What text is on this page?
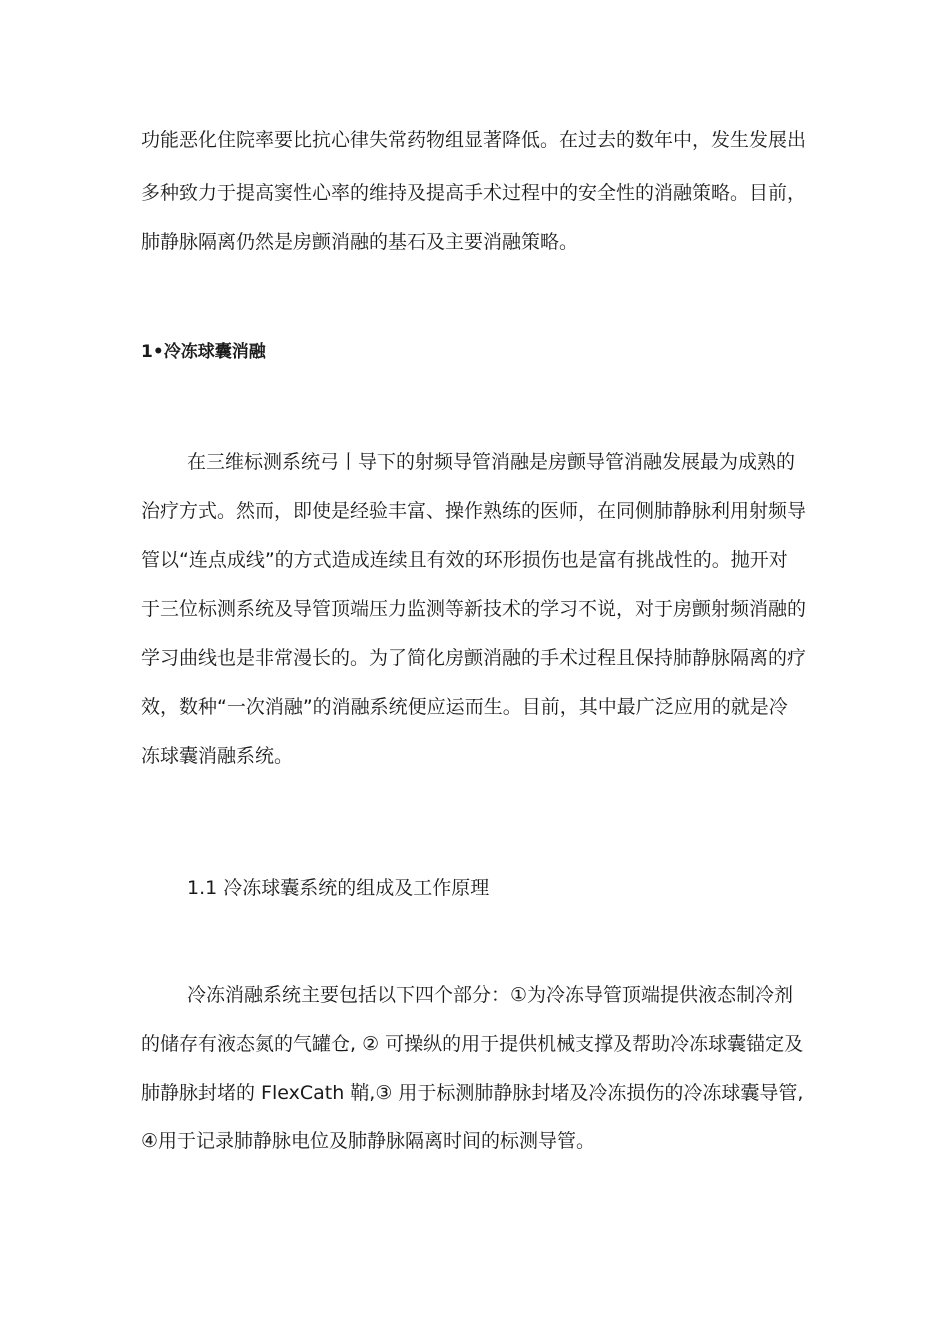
功能恶化住院率要比抗心律失常药物组显著降低。在过去的数年中，发生发展出
多种致力于提高窦性心率的维持及提高手术过程中的安全性的消融策略。目前，
肺静脉隔离仍然是房颤消融的基石及主要消融策略。
1•冷冻球囊消融
在三维标测系统弓丨导下的射频导管消融是房颤导管消融发展最为成熟的
治疗方式。然而，即使是经验丰富、操作熟练的医师，在同侧肺静脉利用射频导
管以“连点成线”的方式造成连续且有效的环形损伤也是富有挑战性的。抛开对
于三位标测系统及导管顶端压力监测等新技术的学习不说，对于房颤射频消融的
学习曲线也是非常漫长的。为了简化房颤消融的手术过程且保持肺静脉隔离的疗
效，数种“一次消融”的消融系统便应运而生。目前，其中最广泛应用的就是冷
冻球囊消融系统。
1.1 冷冻球囊系统的组成及工作原理
冷冻消融系统主要包括以下四个部分：①为冷冻导管顶端提供液态制冷剂
的储存有液态氮的气罐仓, ② 可操纵的用于提供机械支撑及帮助冷冻球囊锚定及
肺静脉封堵的 FlexCath 鞘,③ 用于标测肺静脉封堵及冷冻损伤的冷冻球囊导管,
④用于记录肺静脉电位及肺静脉隔离时间的标测导管。
